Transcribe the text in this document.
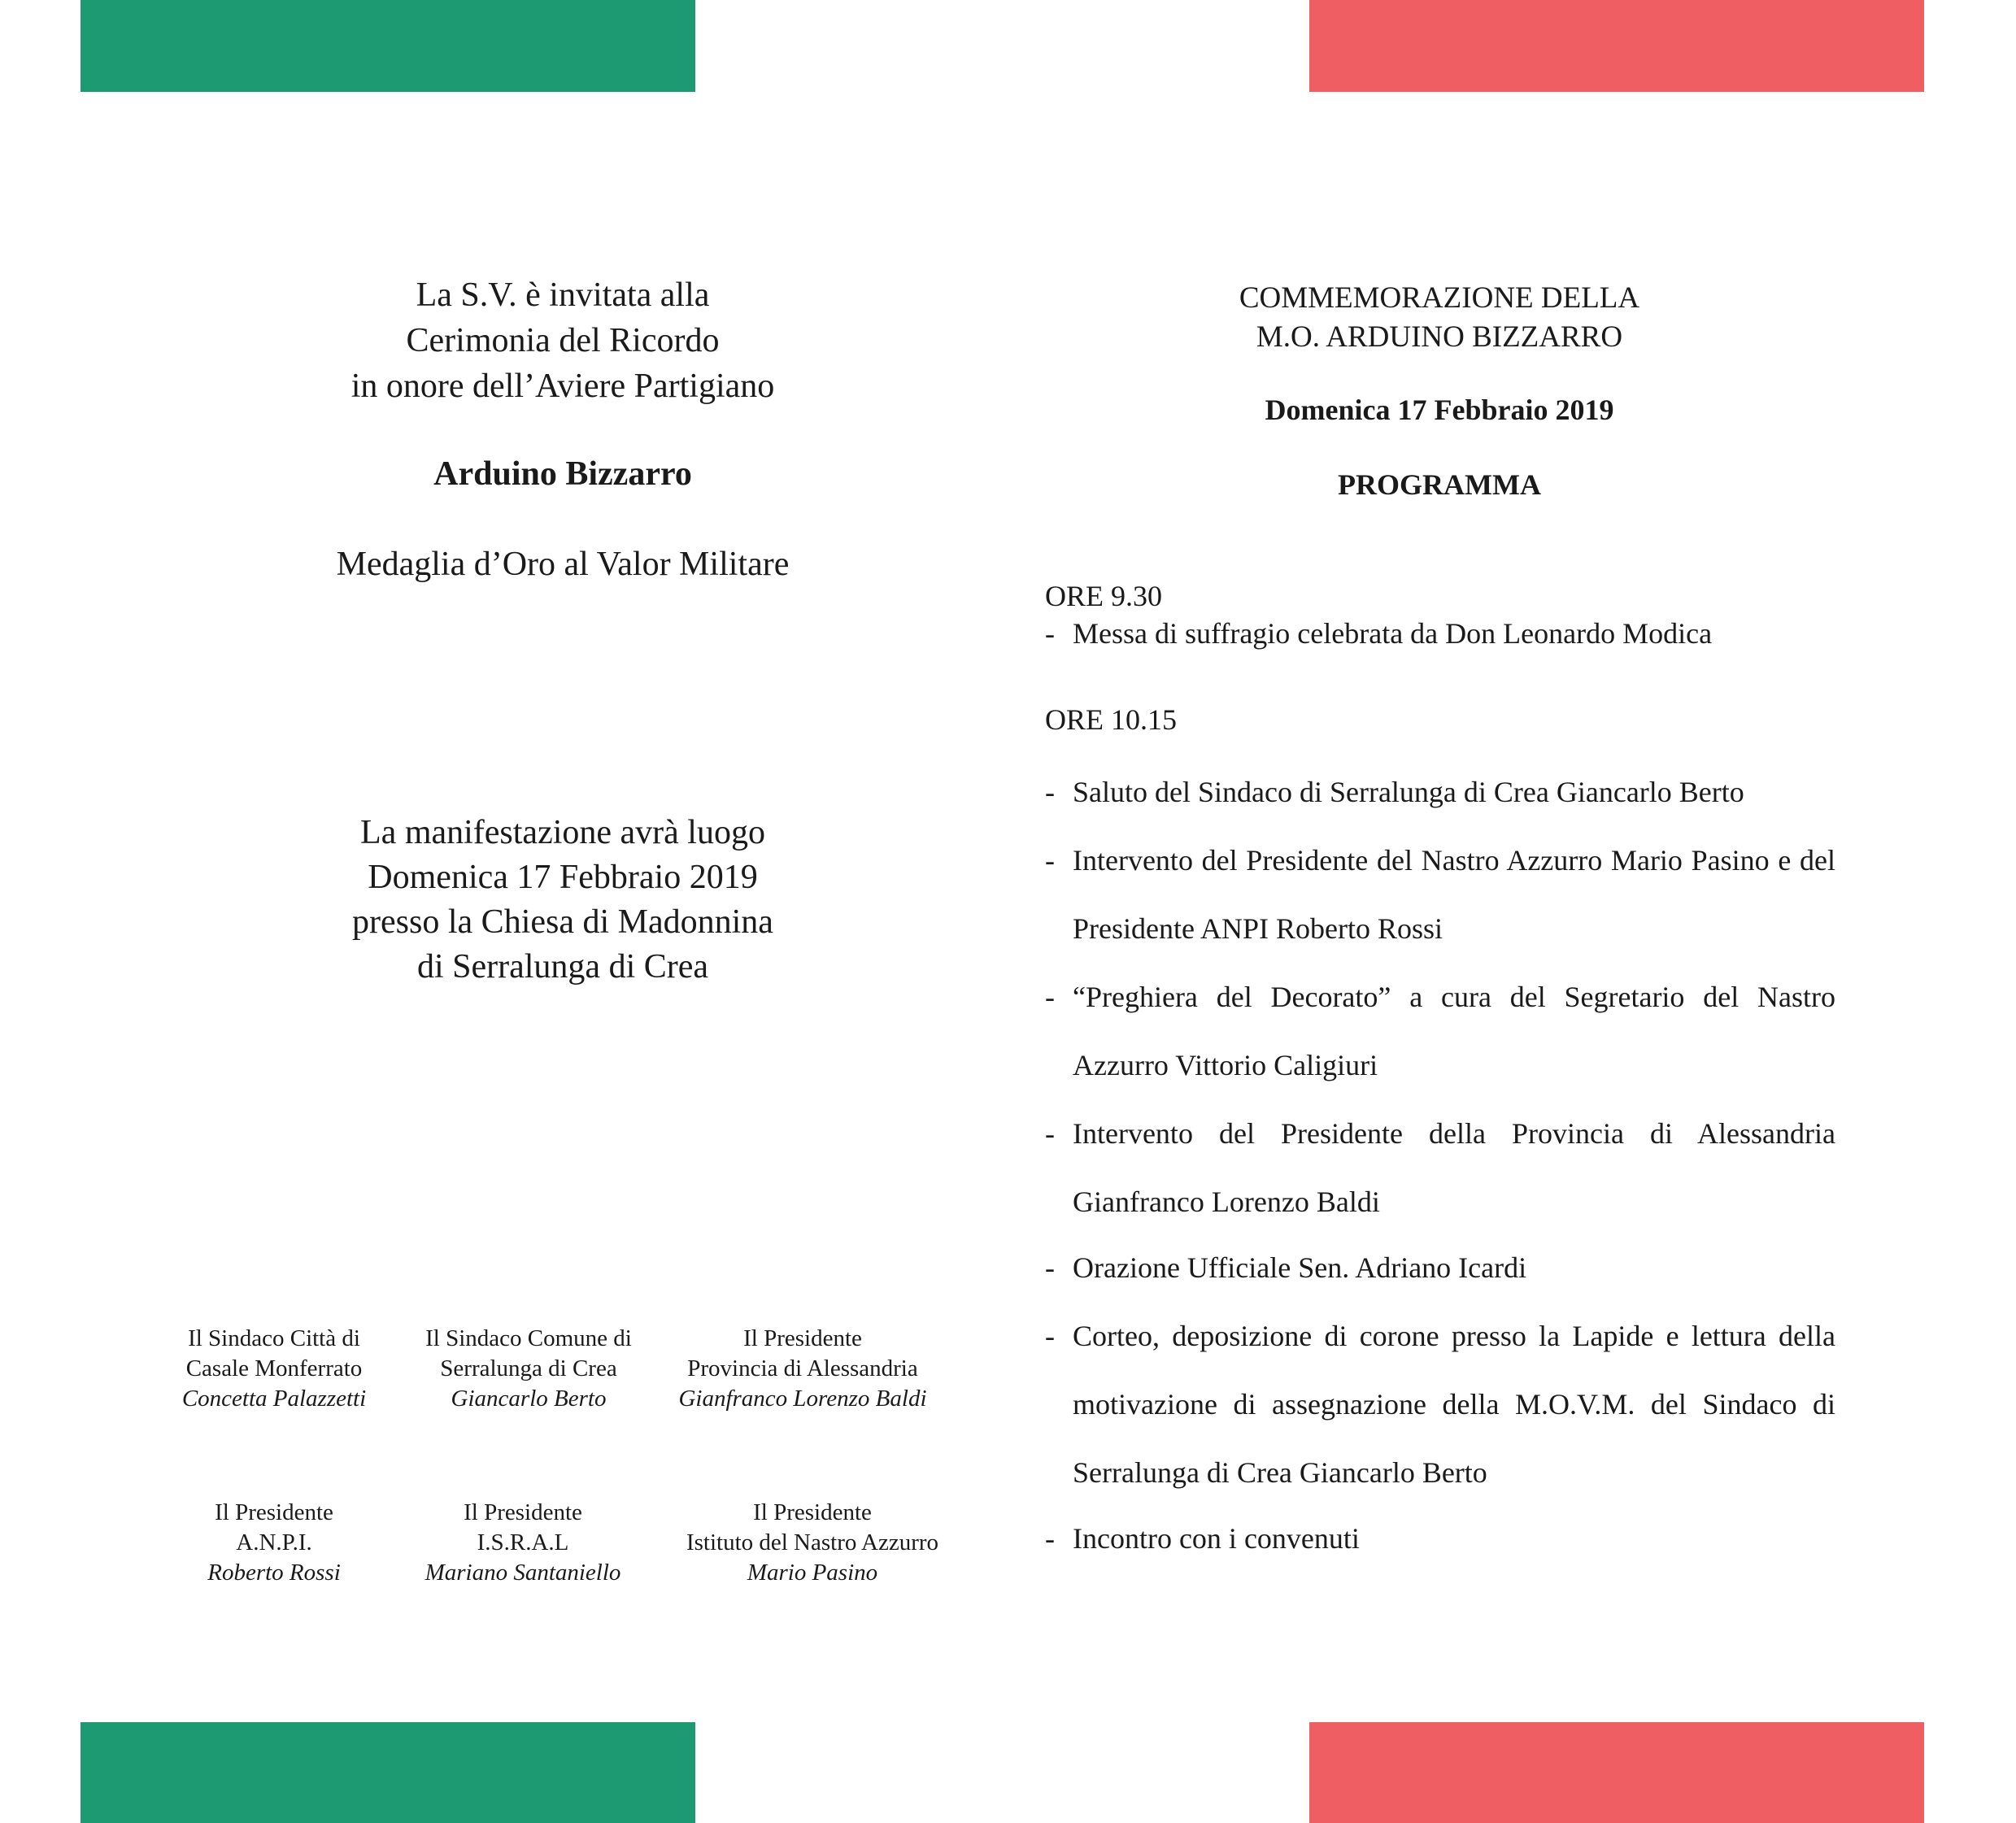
La S.V. è invitata alla
Cerimonia del Ricordo
in onore dell’Aviere Partigiano
Arduino Bizzarro
Medaglia d’Oro al Valor Militare
La manifestazione avrà luogo
Domenica 17 Febbraio 2019
presso la Chiesa di Madonnina
di Serralunga di Crea
Il Sindaco Città di
Casale Monferrato
Concetta Palazzetti
Il Sindaco Comune di
Serralunga di Crea
Giancarlo Berto
Il Presidente
Provincia di Alessandria
Gianfranco Lorenzo Baldi
Il Presidente
A.N.P.I.
Roberto Rossi
Il Presidente
I.S.R.A.L
Mariano Santaniello
Il Presidente
Istituto del Nastro Azzurro
Mario Pasino
COMMEMORAZIONE DELLA
M.O. ARDUINO BIZZARRO
Domenica 17 Febbraio 2019
PROGRAMMA
ORE 9.30
- Messa di suffragio celebrata da Don Leonardo Modica
ORE 10.15
- Saluto del Sindaco di Serralunga di Crea Giancarlo Berto
- Intervento del Presidente del Nastro Azzurro Mario Pasino e del Presidente ANPI Roberto Rossi
- “Preghiera del Decorato” a cura del Segretario del Nastro Azzurro Vittorio Caligiuri
- Intervento del Presidente della Provincia di Alessandria Gianfranco Lorenzo Baldi
- Orazione Ufficiale Sen. Adriano Icardi
- Corteo, deposizione di corone presso la Lapide e lettura della motivazione di assegnazione della M.O.V.M. del Sindaco di Serralunga di Crea Giancarlo Berto
- Incontro con i convenuti
